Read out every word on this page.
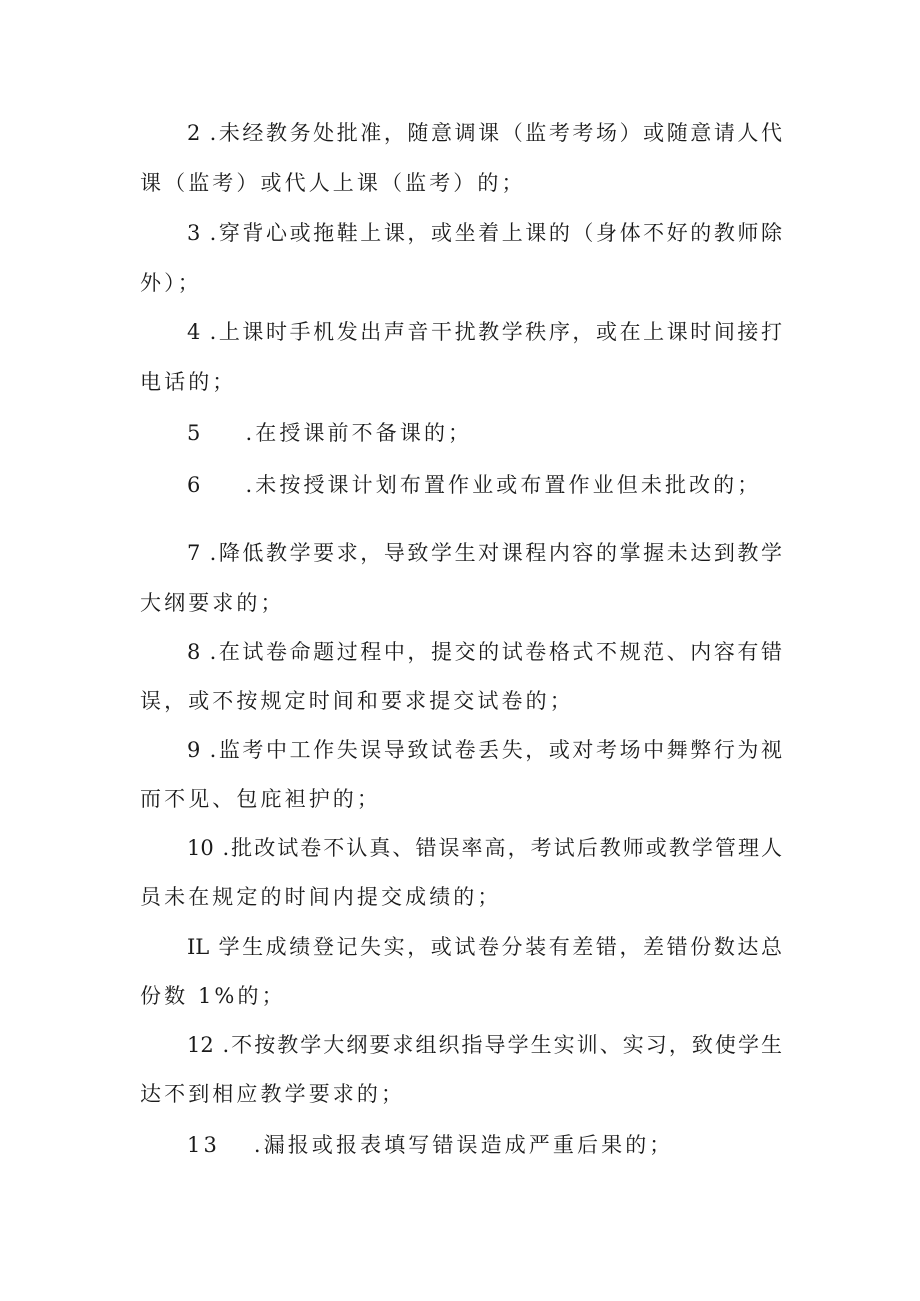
2 .未经教务处批准，随意调课（监考考场）或随意请人代
课（监考）或代人上课（监考）的；
3 .穿背心或拖鞋上课，或坐着上课的（身体不好的教师除
外）；
4 .上课时手机发出声音干扰教学秩序，或在上课时间接打
电话的；
5 .在授课前不备课的；
6 .未按授课计划布置作业或布置作业但未批改的；
7 .降低教学要求，导致学生对课程内容的掌握未达到教学
大纲要求的；
8 .在试卷命题过程中，提交的试卷格式不规范、内容有错
误，或不按规定时间和要求提交试卷的；
9 .监考中工作失误导致试卷丢失，或对考场中舞弊行为视
而不见、包庇袒护的；
10 .批改试卷不认真、错误率高，考试后教师或教学管理人
员未在规定的时间内提交成绩的；
IL 学生成绩登记失实，或试卷分装有差错，差错份数达总
份数 1%的；
12 .不按教学大纲要求组织指导学生实训、实习，致使学生
达不到相应教学要求的；
13 .漏报或报表填写错误造成严重后果的；
